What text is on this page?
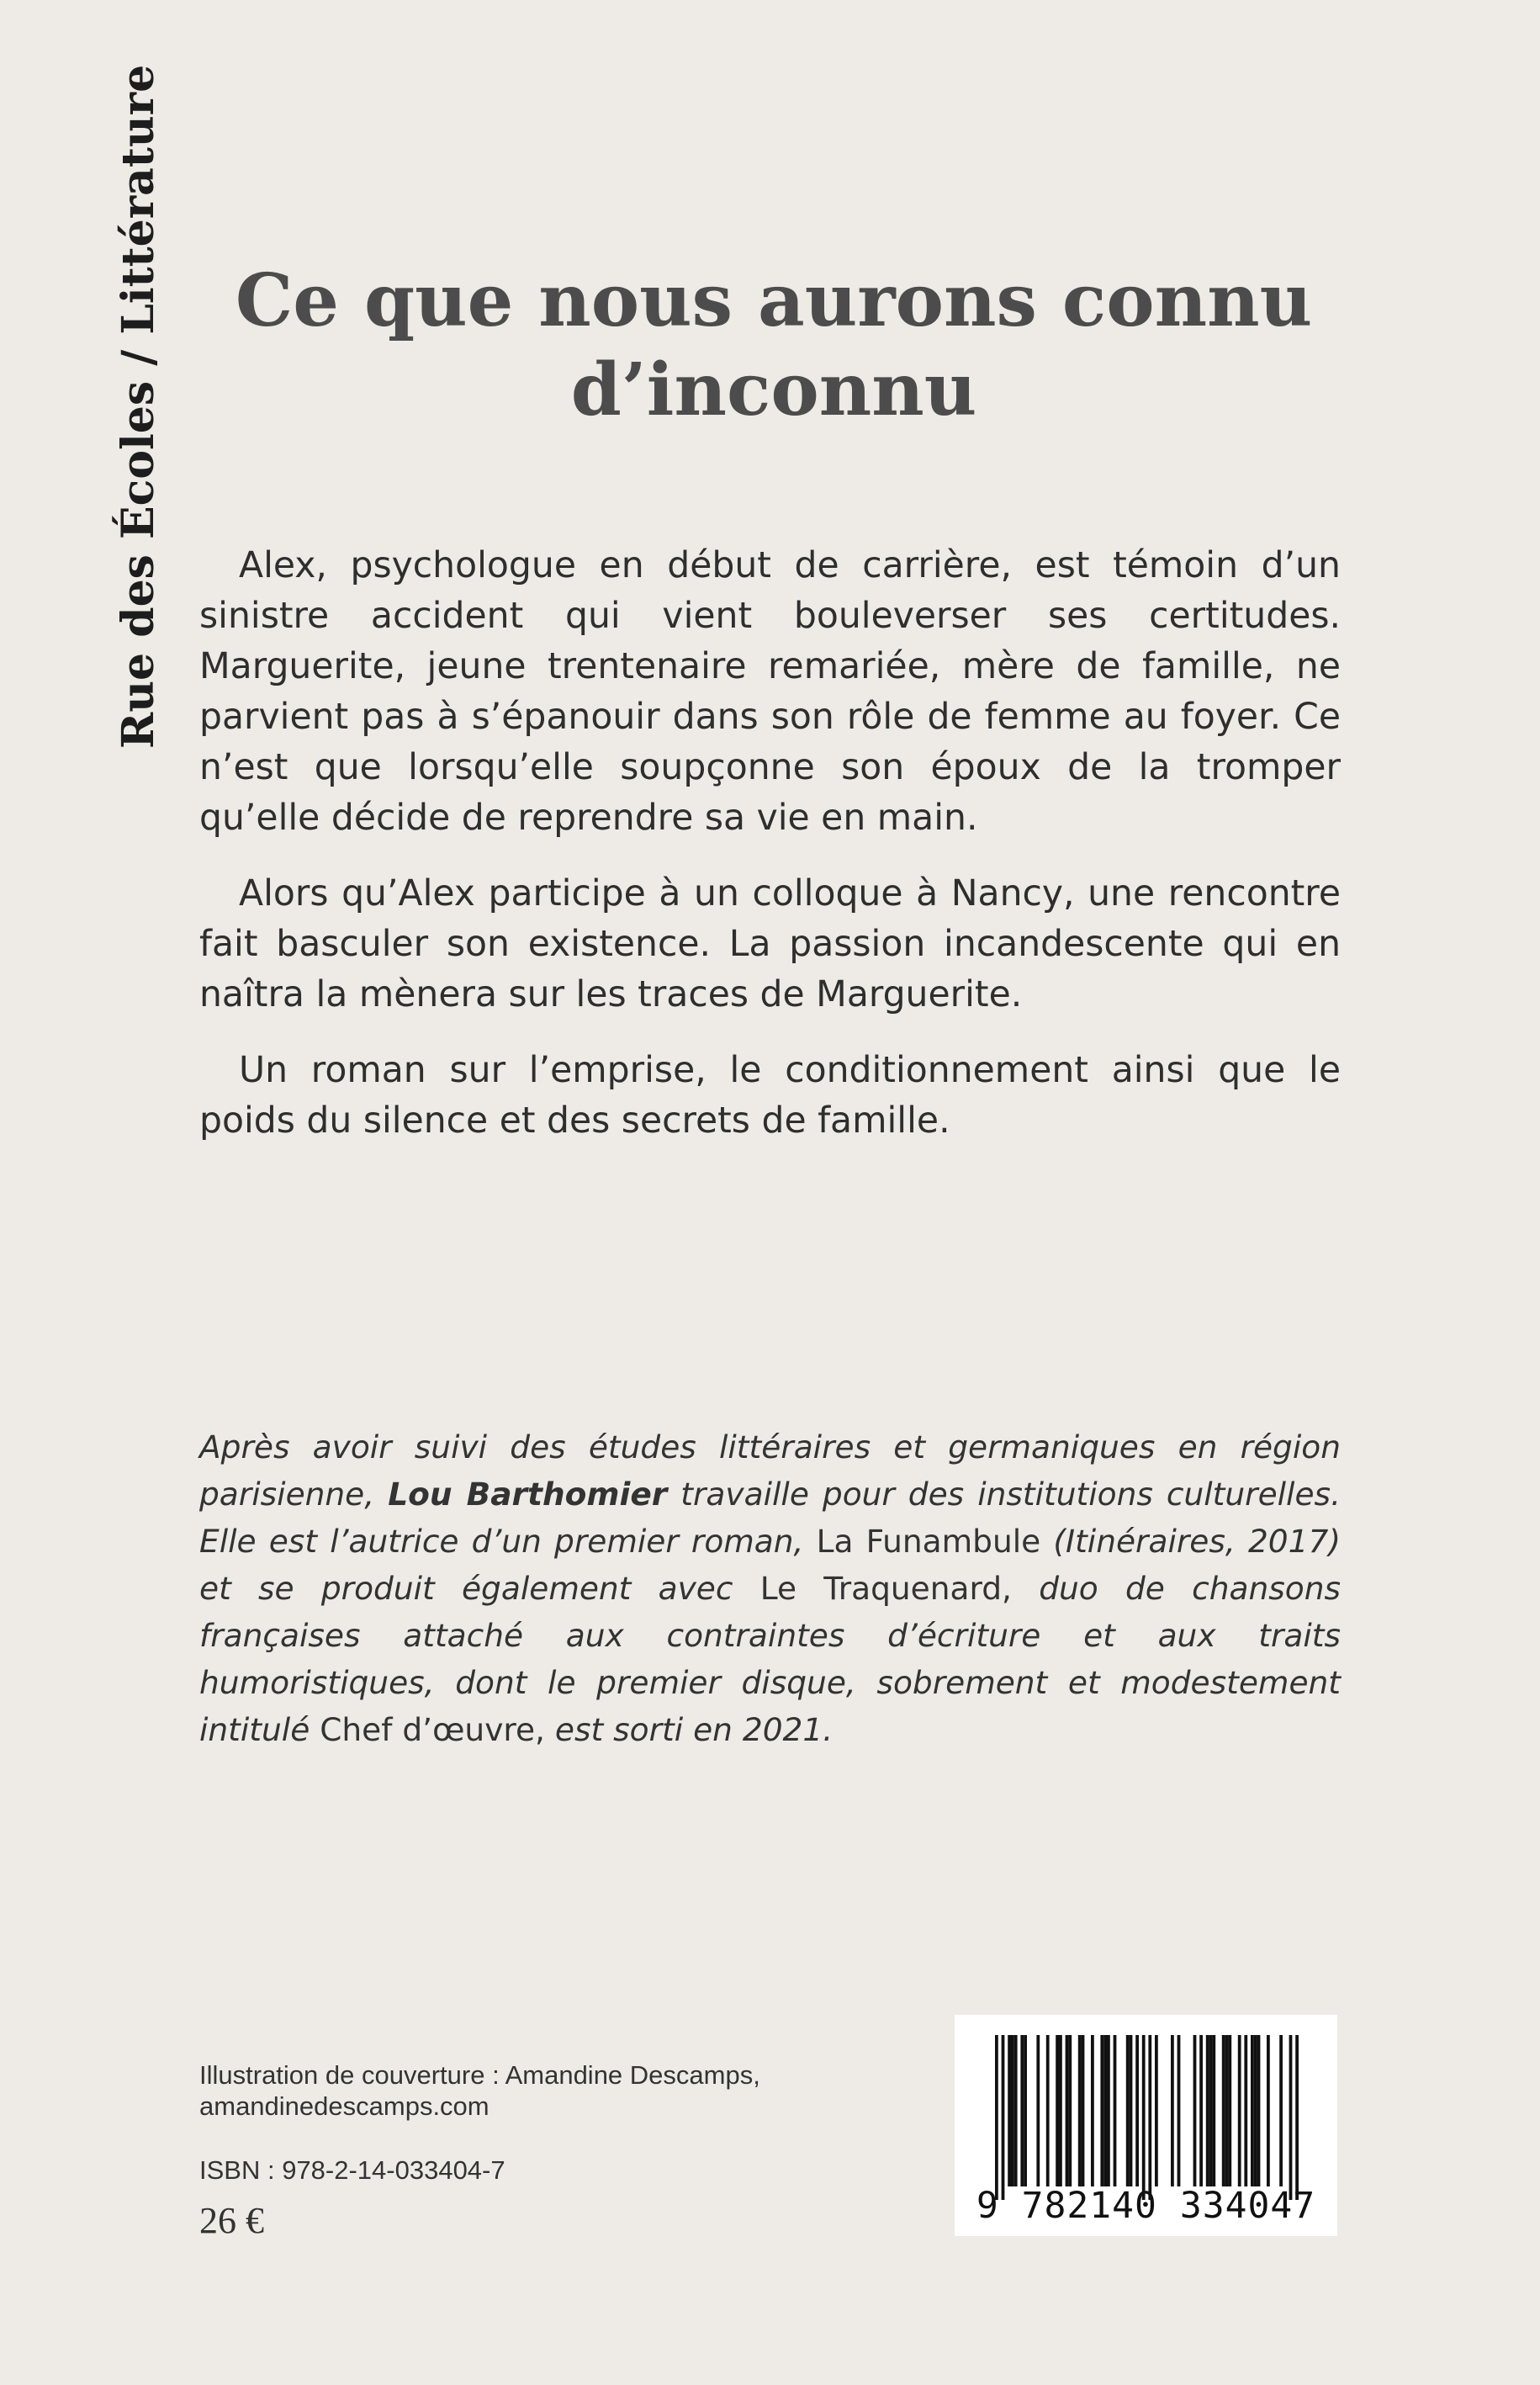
Rue des Écoles / Littérature Ce que nous aurons connu
d’inconnu

Alex, psychologue en début de carrière, est témoin d’un sinistre accident qui vient bouleverser ses certitudes. Marguerite, jeune trentenaire remariée, mère de famille, ne parvient pas à s’épanouir dans son rôle de femme au foyer. Ce n’est que lorsqu’elle soupçonne son époux de la tromper qu’elle décide de reprendre sa vie en main.

Alors qu’Alex participe à un colloque à Nancy, une rencontre fait basculer son existence. La passion incandescente qui en naîtra la mènera sur les traces de Marguerite.

Un roman sur l’emprise, le conditionnement ainsi que le poids du silence et des secrets de famille.

Après avoir suivi des études littéraires et germaniques en région parisienne, Lou Barthomier travaille pour des institutions culturelles. Elle est l’autrice d’un premier roman, La Funambule (Itinéraires, 2017) et se produit également avec Le Traquenard, duo de chansons françaises attaché aux contraintes d’écriture et aux traits humoristiques, dont le premier disque, sobrement et modestement intitulé Chef d’œuvre, est sorti en 2021.

Illustration de couverture : Amandine Descamps,
amandinedescamps.com
ISBN : 978-2-14-033404-7
26 €	9 782140 334047
